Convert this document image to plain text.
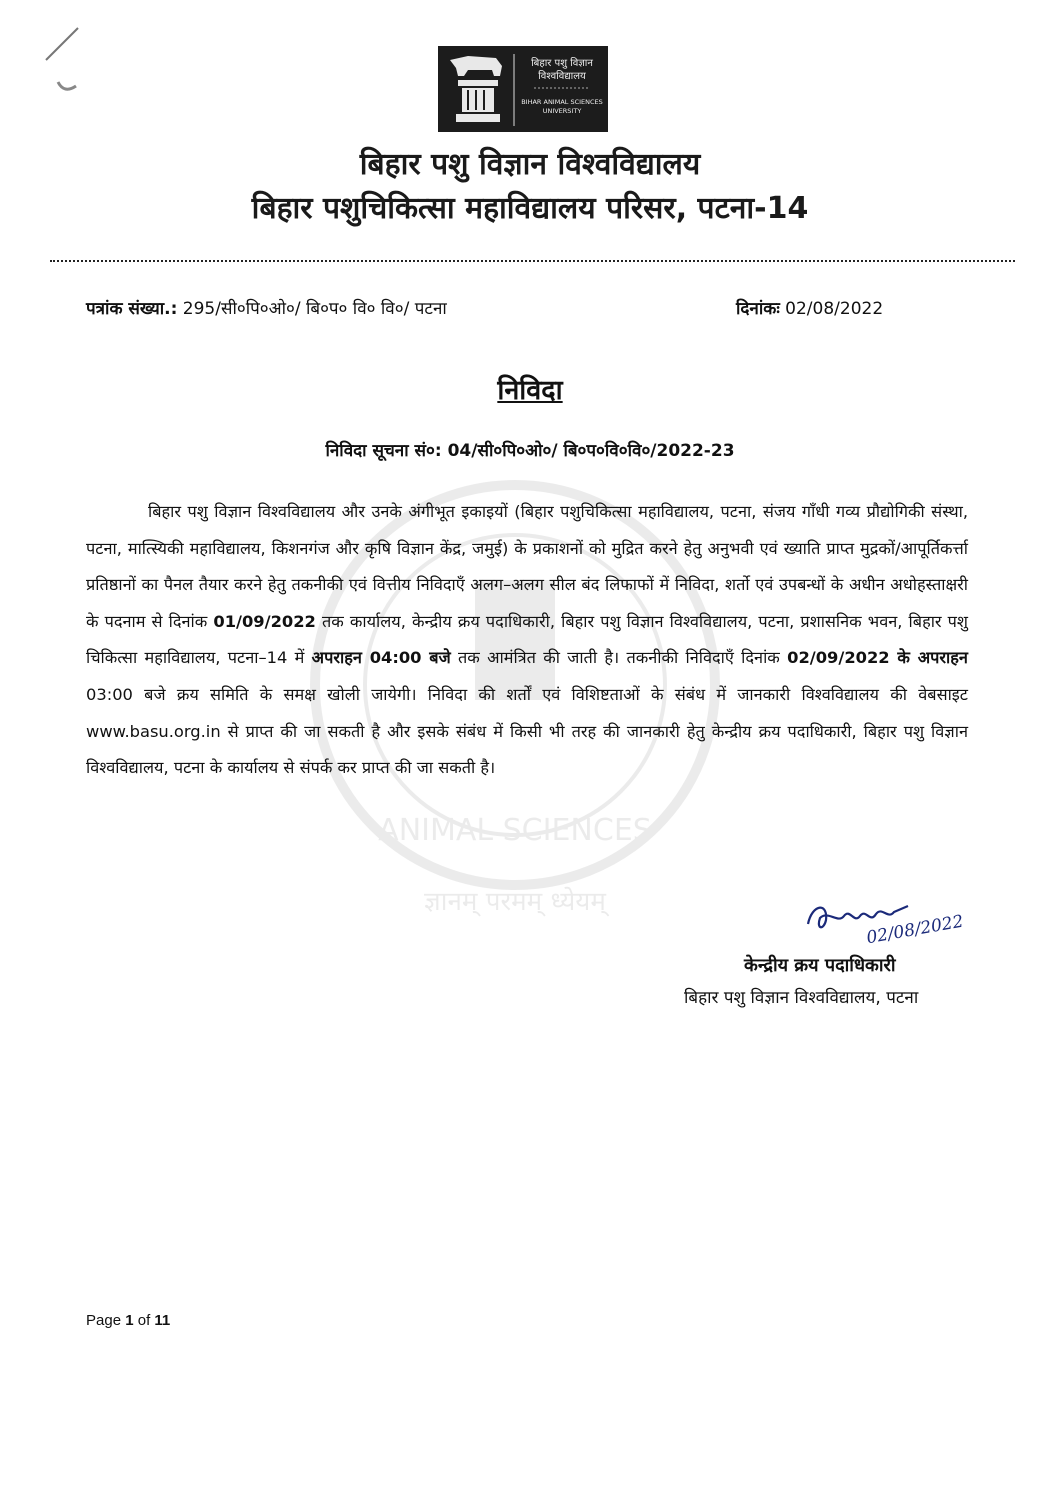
बिहार पशु विज्ञान
विश्वविद्यालय
BIHAR ANIMAL SCIENCES
UNIVERSITY
बिहार पशु विज्ञान विश्वविद्यालय
बिहार पशुचिकित्सा महाविद्यालय परिसर, पटना-14
पत्रांक संख्या.: 295/सी०पि०ओ०/ बि०प० वि० वि०/ पटना	दिनांकः 02/08/2022
ANIMAL SCIENCES
ज्ञानम् परमम् ध्येयम्
निविदा
निविदा सूचना सं०: 04/सी०पि०ओ०/ बि०प०वि०वि०/2022-23

बिहार पशु विज्ञान विश्वविद्यालय और उनके अंगीभूत इकाइयों (बिहार पशुचिकित्सा महाविद्यालय, पटना, संजय गाँधी गव्य प्रौद्योगिकी संस्था, पटना, मात्स्यिकी महाविद्यालय, किशनगंज और कृषि विज्ञान केंद्र, जमुई) के प्रकाशनों को मुद्रित करने हेतु अनुभवी एवं ख्याति प्राप्त मुद्रकों/आपूर्तिकर्त्ता प्रतिष्ठानों का पैनल तैयार करने हेतु तकनीकी एवं वित्तीय निविदाएँ अलग–अलग सील बंद लिफाफों में निविदा, शर्तो एवं उपबन्धों के अधीन अधोहस्ताक्षरी के पदनाम से दिनांक 01/09/2022 तक कार्यालय, केन्द्रीय क्रय पदाधिकारी, बिहार पशु विज्ञान विश्वविद्यालय, पटना, प्रशासनिक भवन, बिहार पशु चिकित्सा महाविद्यालय, पटना–14 में अपराहन 04:00 बजे तक आमंत्रित की जाती है। तकनीकी निविदाएँ दिनांक 02/09/2022 के अपराहन 03:00 बजे क्रय समिति के समक्ष खोली जायेगी। निविदा की शर्तों एवं विशिष्टताओं के संबंध में जानकारी विश्वविद्यालय की वेबसाइट www.basu.org.in से प्राप्त की जा सकती है और इसके संबंध में किसी भी तरह की जानकारी हेतु केन्द्रीय क्रय पदाधिकारी, बिहार पशु विज्ञान विश्वविद्यालय, पटना के कार्यालय से संपर्क कर प्राप्त की जा सकती है।

02/08/2022
केन्द्रीय क्रय पदाधिकारी
बिहार पशु विज्ञान विश्वविद्यालय, पटना
Page 1 of 11
